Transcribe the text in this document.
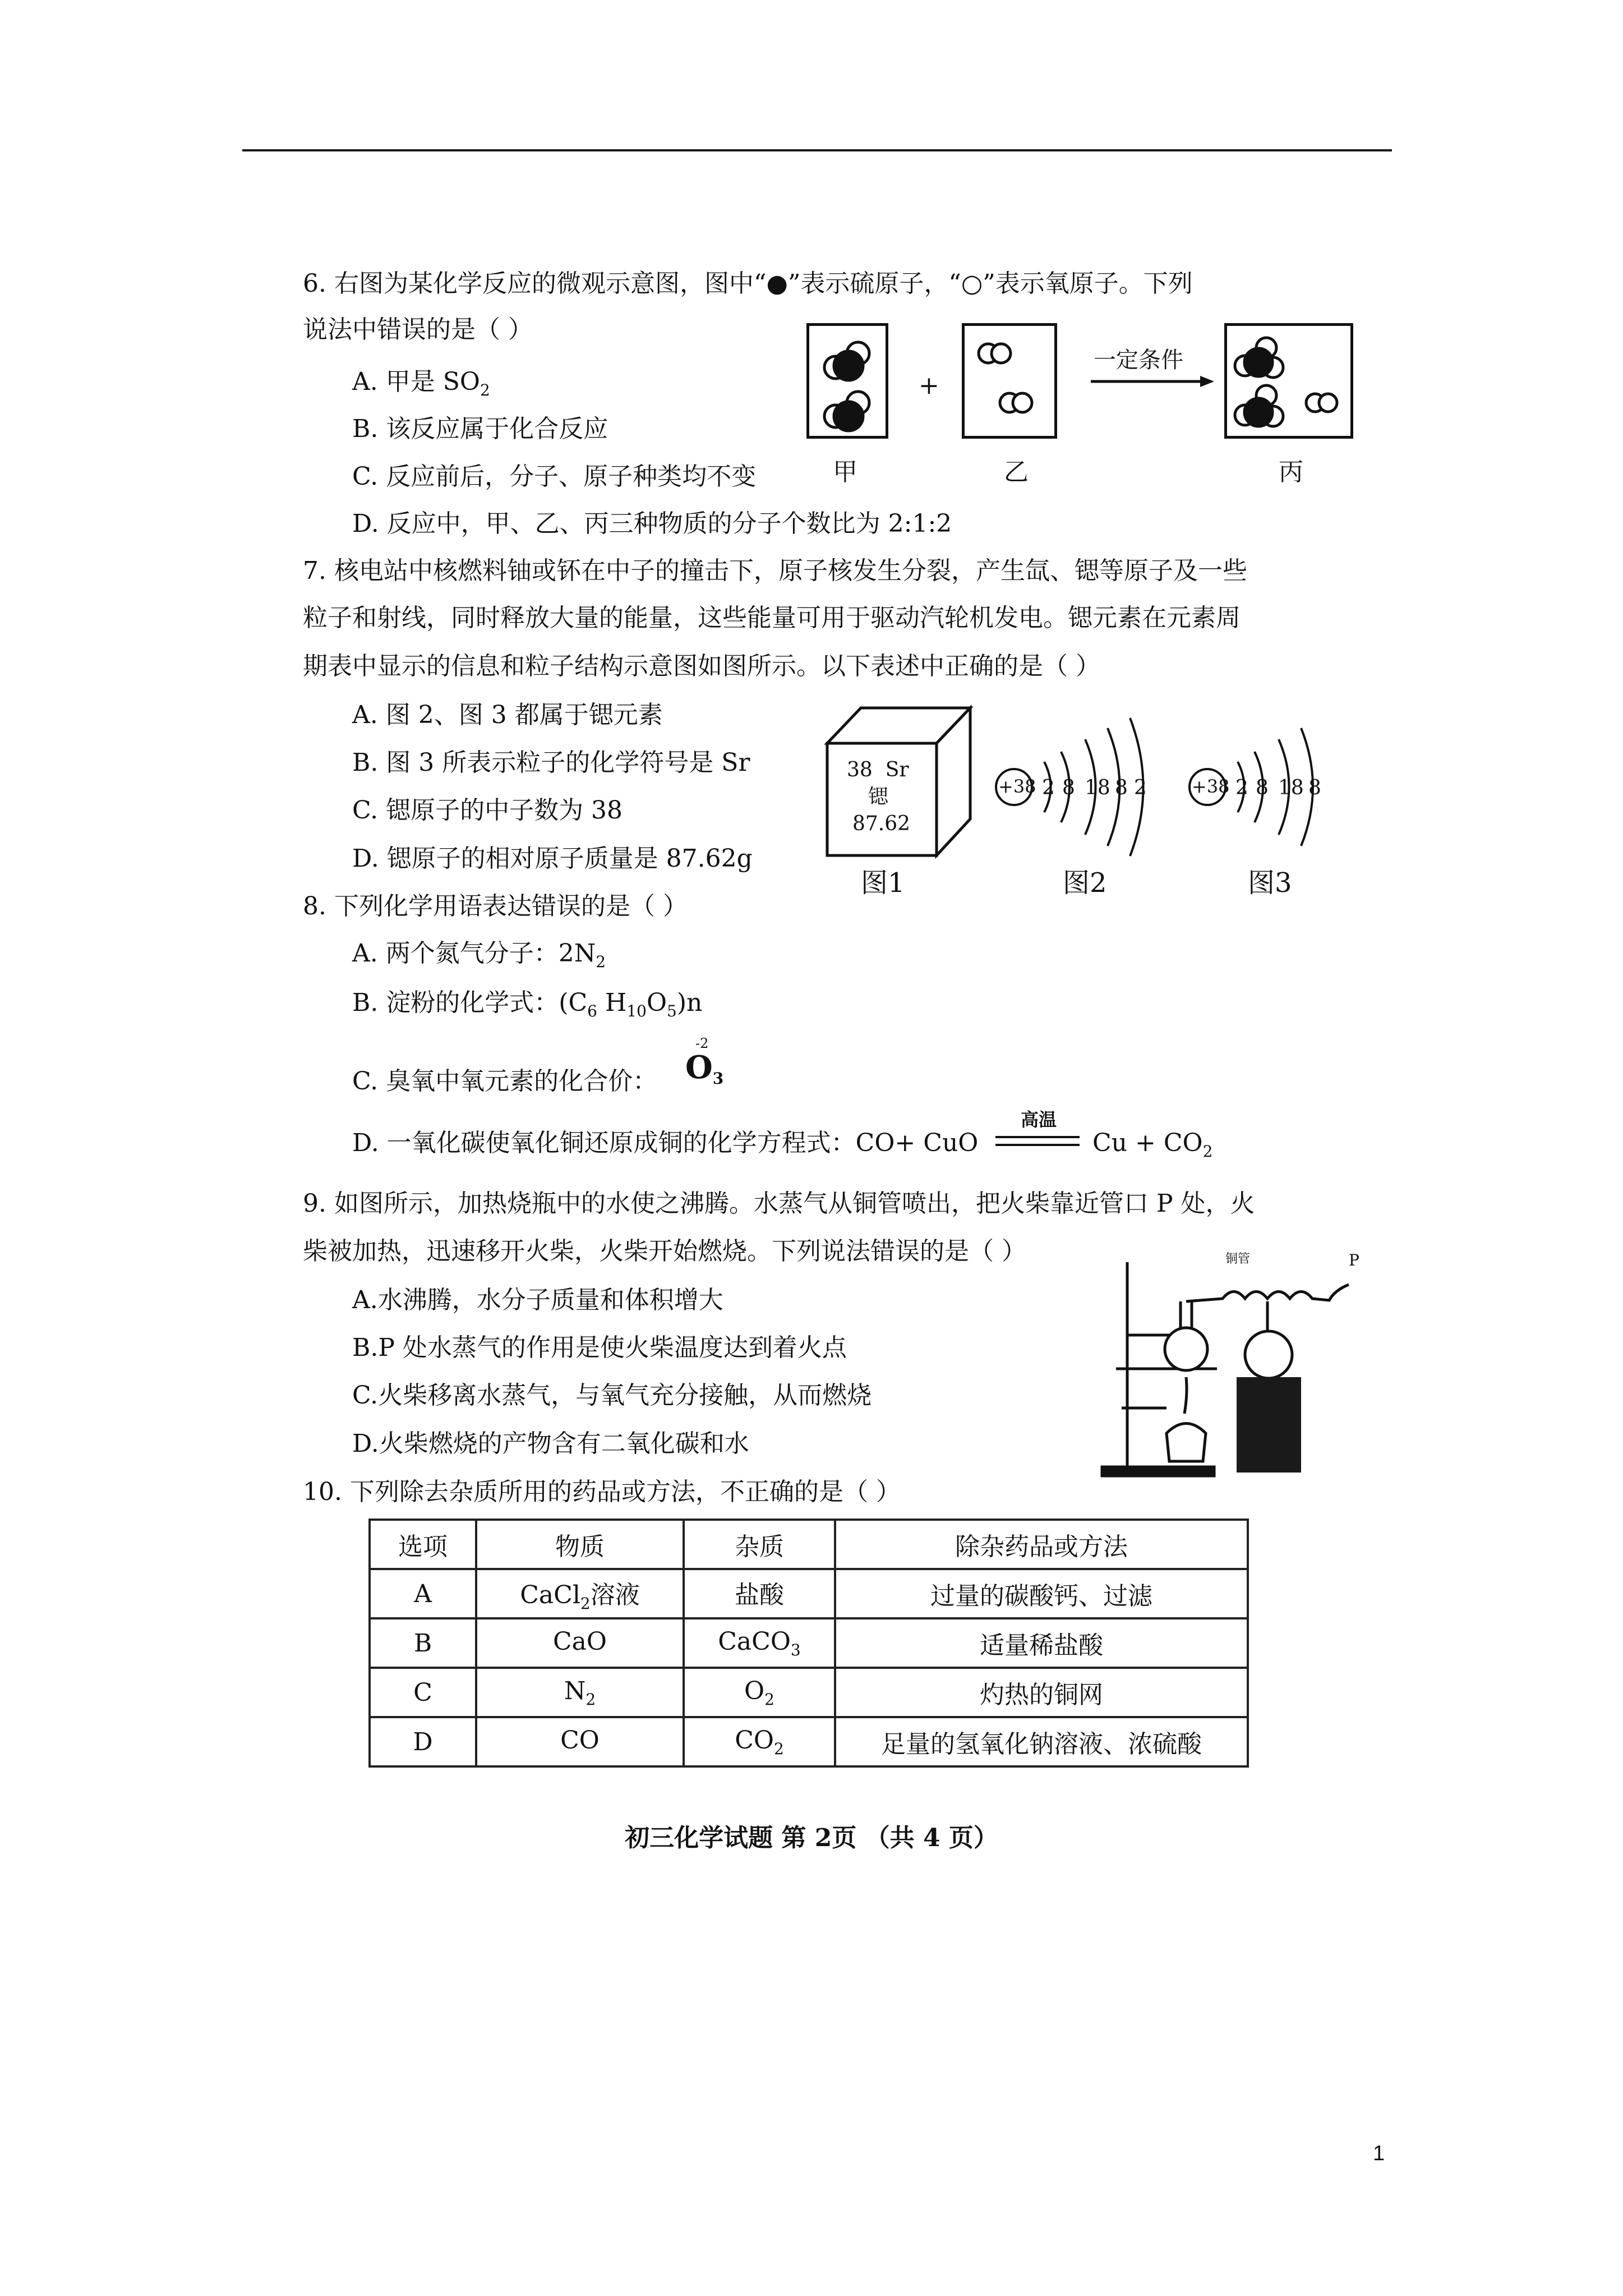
6. 右图为某化学反应的微观示意图，图中“●”表示硫原子，“○”表示氧原子。下列
说法中错误的是（ ）
A. 甲是 $SO_2$
B. 该反应属于化合反应
C. 反应前后，分子、原子种类均不变
D. 反应中，甲、乙、丙三种物质的分子个数比为 2:1:2
+
一定条件
甲	乙	丙
7. 核电站中核燃料铀或钚在中子的撞击下，原子核发生分裂，产生氙、锶等原子及一些
粒子和射线，同时释放大量的能量，这些能量可用于驱动汽轮机发电。锶元素在元素周
期表中显示的信息和粒子结构示意图如图所示。以下表述中正确的是（ ）
A. 图 2、图 3 都属于锶元素
B. 图 3 所表示粒子的化学符号是 Sr
C. 锶原子的中子数为 38
D. 锶原子的相对原子质量是 87.62g
38 Sr
锶
87.62
+38 2 8 18 8 2	+38 2 8 18 8
图1	图2	图3
8. 下列化学用语表达错误的是（ ）
A. 两个氮气分子：$2N_2$
B. 淀粉的化学式：($C_6$ $H_{10}O_5)n$
C. 臭氧中氧元素的化合价：
-2
$O_3$
D. 一氧化碳使氧化铜还原成铜的化学方程式：CO+ CuO
高温
$Cu + CO_2$
9. 如图所示，加热烧瓶中的水使之沸腾。水蒸气从铜管喷出，把火柴靠近管口 P 处，火
柴被加热，迅速移开火柴，火柴开始燃烧。下列说法错误的是（ ）
A.水沸腾，水分子质量和体积增大
B.P 处水蒸气的作用是使火柴温度达到着火点
C.火柴移离水蒸气，与氧气充分接触，从而燃烧
D.火柴燃烧的产物含有二氧化碳和水
铜管	P
10. 下列除去杂质所用的药品或方法，不正确的是（ ）
选项	物质	杂质	除杂药品或方法
A	CaCl$_2$溶液	盐酸	过量的碳酸钙、过滤
B	CaO	CaCO$_3$	适量稀盐酸
C	$N_2$	$O_2$	灼热的铜网
D	CO	$CO_2$	足量的氢氧化钠溶液、浓硫酸
初三化学试题 第 2页 （共 4 页）
1
